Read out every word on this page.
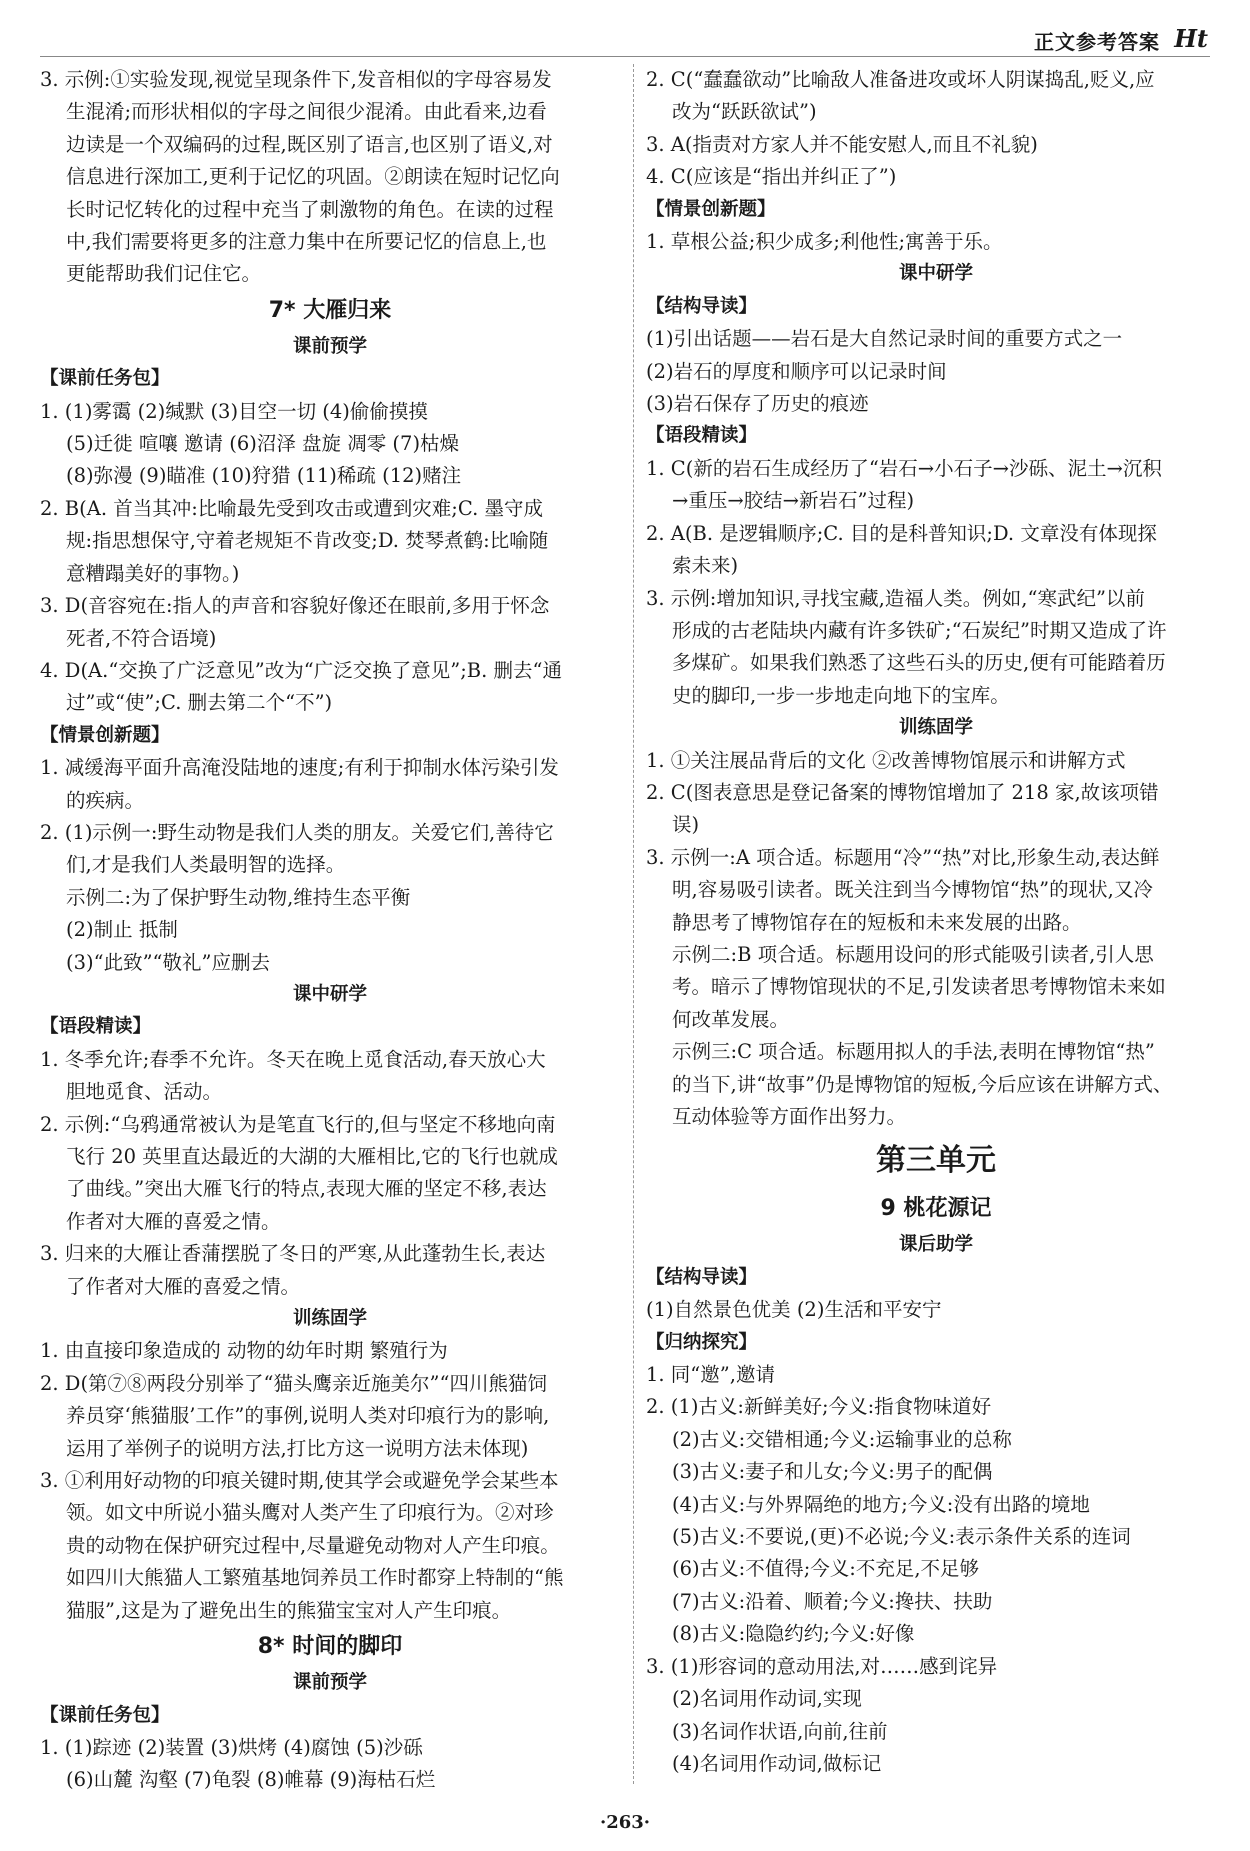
正文参考答案 Ht
3. 示例:①实验发现,视觉呈现条件下,发音相似的字母容易发
生混淆;而形状相似的字母之间很少混淆。由此看来,边看
边读是一个双编码的过程,既区别了语言,也区别了语义,对
信息进行深加工,更利于记忆的巩固。②朗读在短时记忆向
长时记忆转化的过程中充当了刺激物的角色。在读的过程
中,我们需要将更多的注意力集中在所要记忆的信息上,也
更能帮助我们记住它。
7* 大雁归来
课前预学
【课前任务包】
1. (1)雾霭 (2)缄默 (3)目空一切 (4)偷偷摸摸
(5)迁徙 喧嚷 邀请 (6)沼泽 盘旋 凋零 (7)枯燥
(8)弥漫 (9)瞄准 (10)狩猎 (11)稀疏 (12)赌注
2. B(A. 首当其冲:比喻最先受到攻击或遭到灾难;C. 墨守成
规:指思想保守,守着老规矩不肯改变;D. 焚琴煮鹤:比喻随
意糟蹋美好的事物。)
3. D(音容宛在:指人的声音和容貌好像还在眼前,多用于怀念
死者,不符合语境)
4. D(A.“交换了广泛意见”改为“广泛交换了意见”;B. 删去“通
过”或“使”;C. 删去第二个“不”)
【情景创新题】
1. 减缓海平面升高淹没陆地的速度;有利于抑制水体污染引发
的疾病。
2. (1)示例一:野生动物是我们人类的朋友。关爱它们,善待它
们,才是我们人类最明智的选择。
示例二:为了保护野生动物,维持生态平衡
(2)制止 抵制
(3)“此致”“敬礼”应删去
课中研学
【语段精读】
1. 冬季允许;春季不允许。冬天在晚上觅食活动,春天放心大
胆地觅食、活动。
2. 示例:“乌鸦通常被认为是笔直飞行的,但与坚定不移地向南
飞行 20 英里直达最近的大湖的大雁相比,它的飞行也就成
了曲线。”突出大雁飞行的特点,表现大雁的坚定不移,表达
作者对大雁的喜爱之情。
3. 归来的大雁让香蒲摆脱了冬日的严寒,从此蓬勃生长,表达
了作者对大雁的喜爱之情。
训练固学
1. 由直接印象造成的 动物的幼年时期 繁殖行为
2. D(第⑦⑧两段分别举了“猫头鹰亲近施美尔”“四川熊猫饲
养员穿‘熊猫服’工作”的事例,说明人类对印痕行为的影响,
运用了举例子的说明方法,打比方这一说明方法未体现)
3. ①利用好动物的印痕关键时期,使其学会或避免学会某些本
领。如文中所说小猫头鹰对人类产生了印痕行为。②对珍
贵的动物在保护研究过程中,尽量避免动物对人产生印痕。
如四川大熊猫人工繁殖基地饲养员工作时都穿上特制的“熊
猫服”,这是为了避免出生的熊猫宝宝对人产生印痕。
8* 时间的脚印
课前预学
【课前任务包】
1. (1)踪迹 (2)装置 (3)烘烤 (4)腐蚀 (5)沙砾
(6)山麓 沟壑 (7)龟裂 (8)帷幕 (9)海枯石烂
2. C(“蠢蠢欲动”比喻敌人准备进攻或坏人阴谋捣乱,贬义,应
改为“跃跃欲试”)
3. A(指责对方家人并不能安慰人,而且不礼貌)
4. C(应该是“指出并纠正了”)
【情景创新题】
1. 草根公益;积少成多;利他性;寓善于乐。
课中研学
【结构导读】
(1)引出话题——岩石是大自然记录时间的重要方式之一
(2)岩石的厚度和顺序可以记录时间
(3)岩石保存了历史的痕迹
【语段精读】
1. C(新的岩石生成经历了“岩石→小石子→沙砾、泥土→沉积
→重压→胶结→新岩石”过程)
2. A(B. 是逻辑顺序;C. 目的是科普知识;D. 文章没有体现探
索未来)
3. 示例:增加知识,寻找宝藏,造福人类。例如,“寒武纪”以前
形成的古老陆块内藏有许多铁矿;“石炭纪”时期又造成了许
多煤矿。如果我们熟悉了这些石头的历史,便有可能踏着历
史的脚印,一步一步地走向地下的宝库。
训练固学
1. ①关注展品背后的文化 ②改善博物馆展示和讲解方式
2. C(图表意思是登记备案的博物馆增加了 218 家,故该项错
误)
3. 示例一:A 项合适。标题用“冷”“热”对比,形象生动,表达鲜
明,容易吸引读者。既关注到当今博物馆“热”的现状,又冷
静思考了博物馆存在的短板和未来发展的出路。
示例二:B 项合适。标题用设问的形式能吸引读者,引人思
考。暗示了博物馆现状的不足,引发读者思考博物馆未来如
何改革发展。
示例三:C 项合适。标题用拟人的手法,表明在博物馆“热”
的当下,讲“故事”仍是博物馆的短板,今后应该在讲解方式、
互动体验等方面作出努力。
第三单元
9 桃花源记
课后助学
【结构导读】
(1)自然景色优美 (2)生活和平安宁
【归纳探究】
1. 同“邀”,邀请
2. (1)古义:新鲜美好;今义:指食物味道好
(2)古义:交错相通;今义:运输事业的总称
(3)古义:妻子和儿女;今义:男子的配偶
(4)古义:与外界隔绝的地方;今义:没有出路的境地
(5)古义:不要说,(更)不必说;今义:表示条件关系的连词
(6)古义:不值得;今义:不充足,不足够
(7)古义:沿着、顺着;今义:搀扶、扶助
(8)古义:隐隐约约;今义:好像
3. (1)形容词的意动用法,对……感到诧异
(2)名词用作动词,实现
(3)名词作状语,向前,往前
(4)名词用作动词,做标记
·263·
